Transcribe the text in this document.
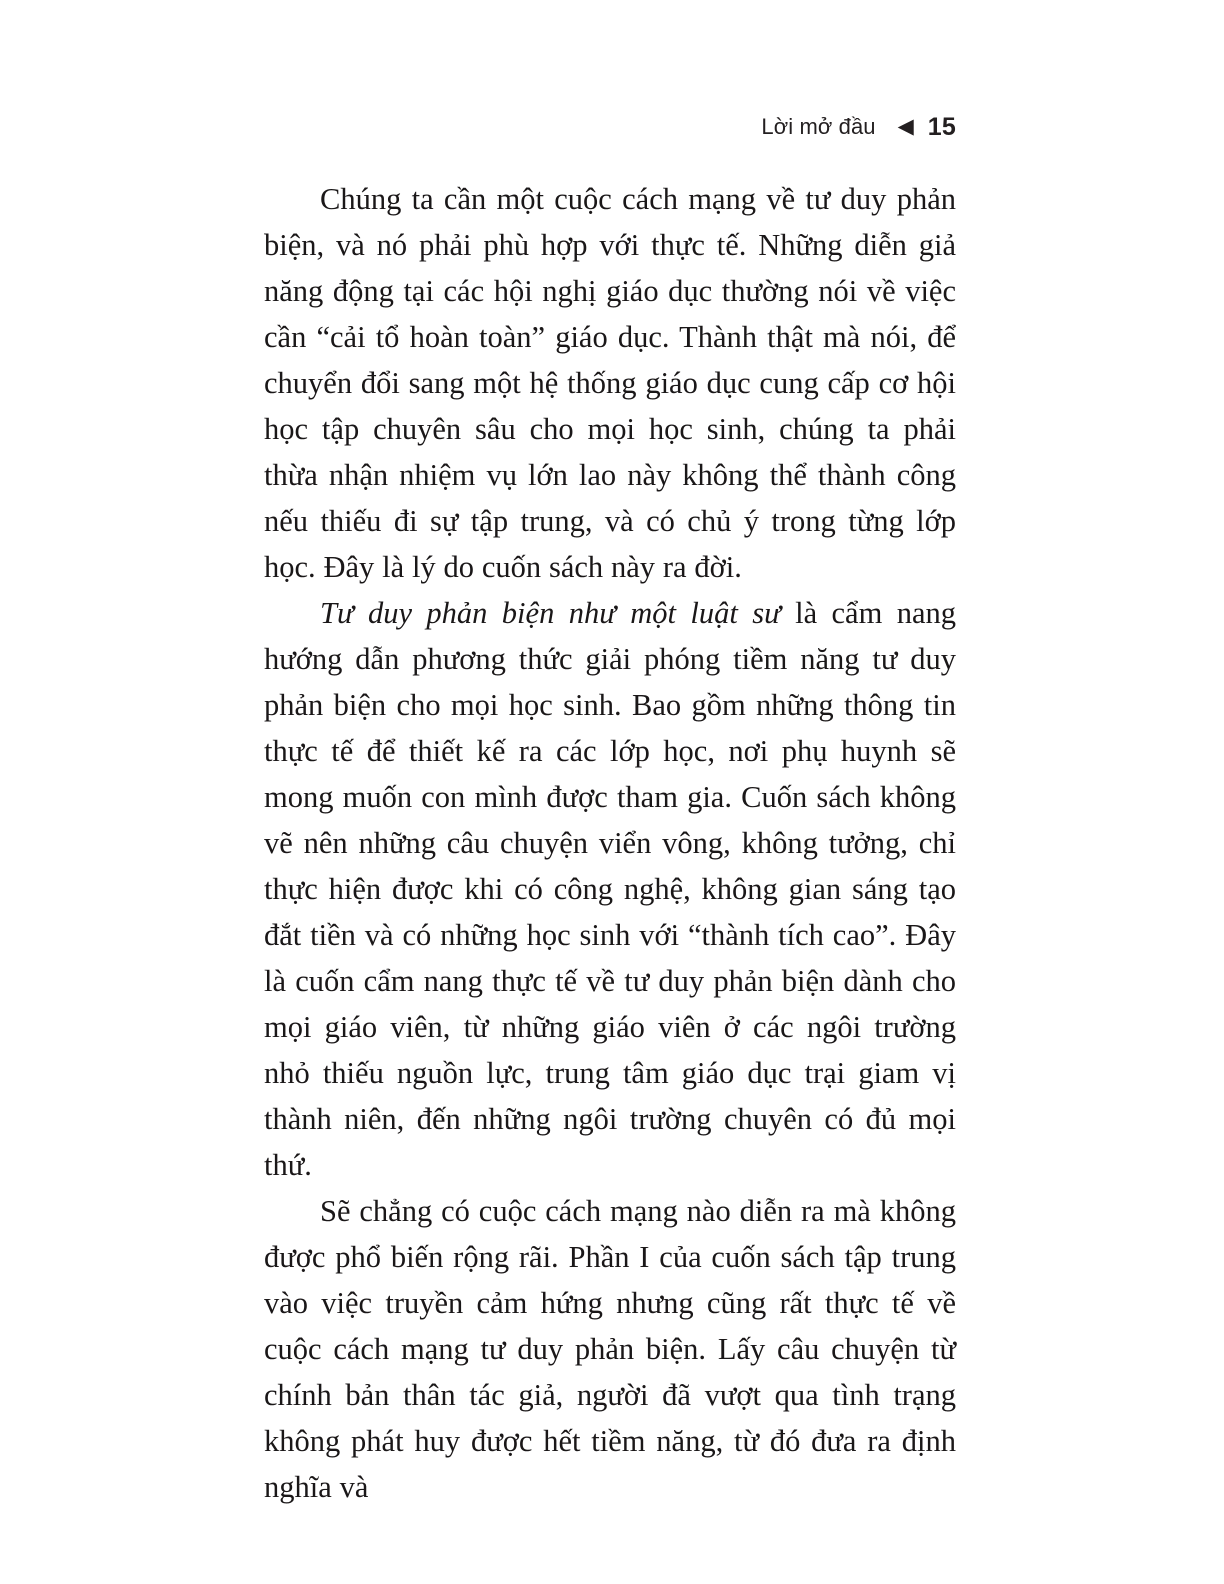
Lời mở đầu ◀ 15

Chúng ta cần một cuộc cách mạng về tư duy phản biện, và nó phải phù hợp với thực tế. Những diễn giả năng động tại các hội nghị giáo dục thường nói về việc cần “cải tổ hoàn toàn” giáo dục. Thành thật mà nói, để chuyển đổi sang một hệ thống giáo dục cung cấp cơ hội học tập chuyên sâu cho mọi học sinh, chúng ta phải thừa nhận nhiệm vụ lớn lao này không thể thành công nếu thiếu đi sự tập trung, và có chủ ý trong từng lớp học. Đây là lý do cuốn sách này ra đời.

Tư duy phản biện như một luật sư là cẩm nang hướng dẫn phương thức giải phóng tiềm năng tư duy phản biện cho mọi học sinh. Bao gồm những thông tin thực tế để thiết kế ra các lớp học, nơi phụ huynh sẽ mong muốn con mình được tham gia. Cuốn sách không vẽ nên những câu chuyện viển vông, không tưởng, chỉ thực hiện được khi có công nghệ, không gian sáng tạo đắt tiền và có những học sinh với “thành tích cao”. Đây là cuốn cẩm nang thực tế về tư duy phản biện dành cho mọi giáo viên, từ những giáo viên ở các ngôi trường nhỏ thiếu nguồn lực, trung tâm giáo dục trại giam vị thành niên, đến những ngôi trường chuyên có đủ mọi thứ.

Sẽ chẳng có cuộc cách mạng nào diễn ra mà không được phổ biến rộng rãi. Phần I của cuốn sách tập trung vào việc truyền cảm hứng nhưng cũng rất thực tế về cuộc cách mạng tư duy phản biện. Lấy câu chuyện từ chính bản thân tác giả, người đã vượt qua tình trạng không phát huy được hết tiềm năng, từ đó đưa ra định nghĩa và
